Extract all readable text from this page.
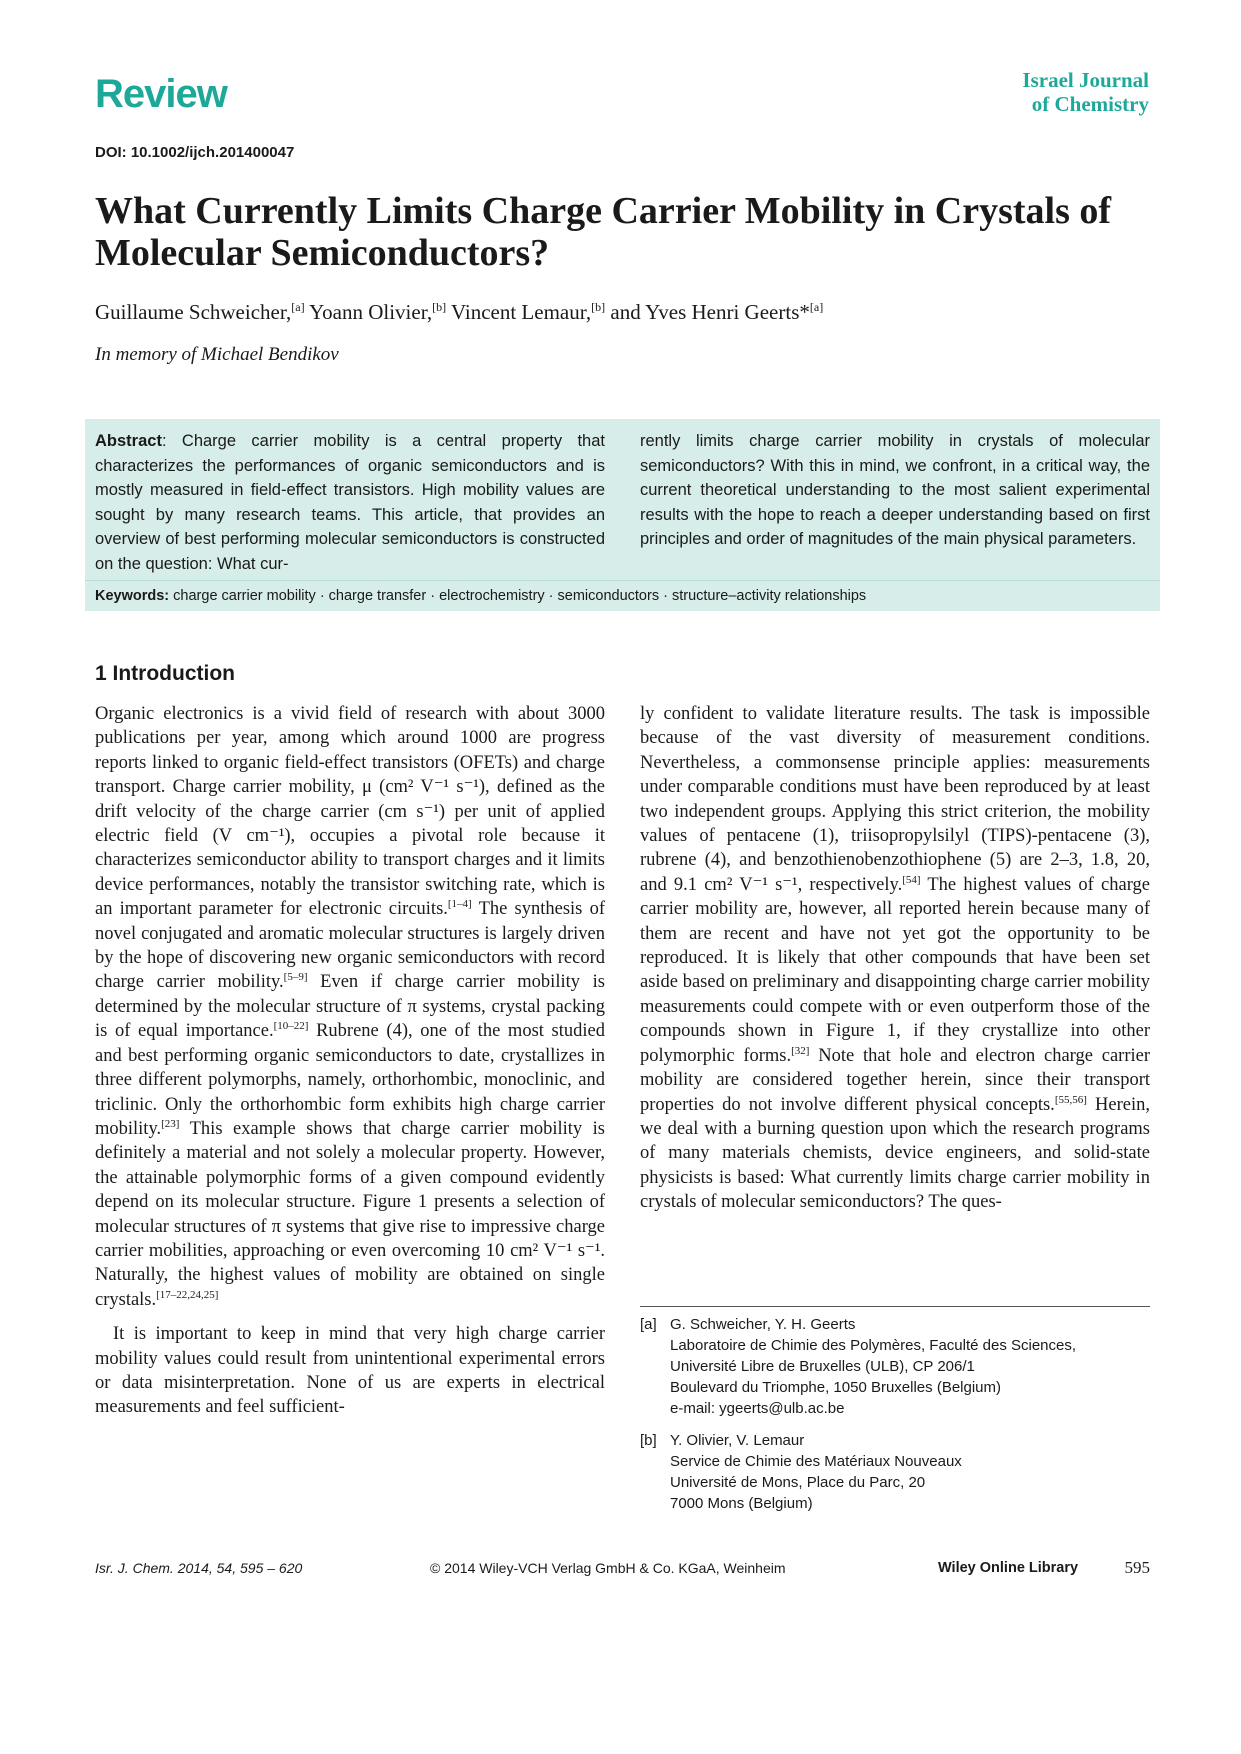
Review	Israel Journal
of Chemistry
DOI: 10.1002/ijch.201400047
What Currently Limits Charge Carrier Mobility in Crystals of Molecular Semiconductors?
Guillaume Schweicher,[a] Yoann Olivier,[b] Vincent Lemaur,[b] and Yves Henri Geerts*[a]
In memory of Michael Bendikov
Abstract: Charge carrier mobility is a central property that characterizes the performances of organic semiconductors and is mostly measured in field-effect transistors. High mobility values are sought by many research teams. This article, that provides an overview of best performing molecular semiconductors is constructed on the question: What cur-
rently limits charge carrier mobility in crystals of molecular semiconductors? With this in mind, we confront, in a critical way, the current theoretical understanding to the most salient experimental results with the hope to reach a deeper understanding based on first principles and order of magnitudes of the main physical parameters.
Keywords: charge carrier mobility · charge transfer · electrochemistry · semiconductors · structure–activity relationships
1 Introduction

Organic electronics is a vivid field of research with about 3000 publications per year, among which around 1000 are progress reports linked to organic field-effect transistors (OFETs) and charge transport. Charge carrier mobility, μ (cm² V⁻¹ s⁻¹), defined as the drift velocity of the charge carrier (cm s⁻¹) per unit of applied electric field (V cm⁻¹), occupies a pivotal role because it characterizes semiconductor ability to transport charges and it limits device performances, notably the transistor switching rate, which is an important parameter for electronic circuits.[1–4] The synthesis of novel conjugated and aromatic molecular structures is largely driven by the hope of discovering new organic semiconductors with record charge carrier mobility.[5–9] Even if charge carrier mobility is determined by the molecular structure of π systems, crystal packing is of equal importance.[10–22] Rubrene (4), one of the most studied and best performing organic semiconductors to date, crystallizes in three different polymorphs, namely, orthorhombic, monoclinic, and triclinic. Only the orthorhombic form exhibits high charge carrier mobility.[23] This example shows that charge carrier mobility is definitely a material and not solely a molecular property. However, the attainable polymorphic forms of a given compound evidently depend on its molecular structure. Figure 1 presents a selection of molecular structures of π systems that give rise to impressive charge carrier mobilities, approaching or even overcoming 10 cm² V⁻¹ s⁻¹. Naturally, the highest values of mobility are obtained on single crystals.[17–22,24,25]

It is important to keep in mind that very high charge carrier mobility values could result from unintentional experimental errors or data misinterpretation. None of us are experts in electrical measurements and feel sufficient-

ly confident to validate literature results. The task is impossible because of the vast diversity of measurement conditions. Nevertheless, a commonsense principle applies: measurements under comparable conditions must have been reproduced by at least two independent groups. Applying this strict criterion, the mobility values of pentacene (1), triisopropylsilyl (TIPS)-pentacene (3), rubrene (4), and benzothienobenzothiophene (5) are 2–3, 1.8, 20, and 9.1 cm² V⁻¹ s⁻¹, respectively.[54] The highest values of charge carrier mobility are, however, all reported herein because many of them are recent and have not yet got the opportunity to be reproduced. It is likely that other compounds that have been set aside based on preliminary and disappointing charge carrier mobility measurements could compete with or even outperform those of the compounds shown in Figure 1, if they crystallize into other polymorphic forms.[32] Note that hole and electron charge carrier mobility are considered together herein, since their transport properties do not involve different physical concepts.[55,56] Herein, we deal with a burning question upon which the research programs of many materials chemists, device engineers, and solid-state physicists is based: What currently limits charge carrier mobility in crystals of molecular semiconductors? The ques-

[a] G. Schweicher, Y. H. Geerts
Laboratoire de Chimie des Polymères, Faculté des Sciences,
Université Libre de Bruxelles (ULB), CP 206/1
Boulevard du Triomphe, 1050 Bruxelles (Belgium)
e-mail: ygeerts@ulb.ac.be
[b] Y. Olivier, V. Lemaur
Service de Chimie des Matériaux Nouveaux
Université de Mons, Place du Parc, 20
7000 Mons (Belgium)
Isr. J. Chem. 2014, 54, 595 – 620	© 2014 Wiley-VCH Verlag GmbH & Co. KGaA, Weinheim	Wiley Online Library	595
